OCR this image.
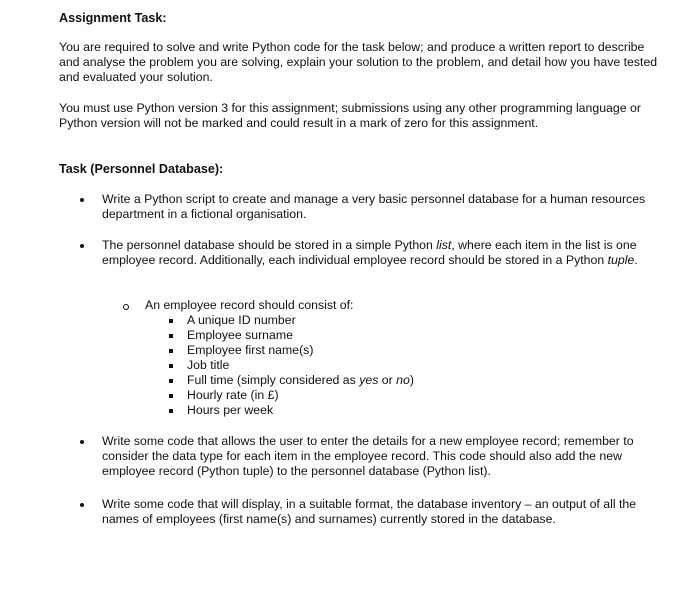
Assignment Task:

You are required to solve and write Python code for the task below; and produce a written report to describe and analyse the problem you are solving, explain your solution to the problem, and detail how you have tested and evaluated your solution.

You must use Python version 3 for this assignment; submissions using any other programming language or Python version will not be marked and could result in a mark of zero for this assignment.

Task (Personnel Database):

Write a Python script to create and manage a very basic personnel database for a human resources department in a fictional organisation.

The personnel database should be stored in a simple Python list, where each item in the list is one employee record. Additionally, each individual employee record should be stored in a Python tuple.

An employee record should consist of:

A unique ID number

Employee surname

Employee first name(s)

Job title

Full time (simply considered as yes or no)

Hourly rate (in £)

Hours per week

Write some code that allows the user to enter the details for a new employee record; remember to consider the data type for each item in the employee record. This code should also add the new employee record (Python tuple) to the personnel database (Python list).

Write some code that will display, in a suitable format, the database inventory – an output of all the names of employees (first name(s) and surnames) currently stored in the database.
